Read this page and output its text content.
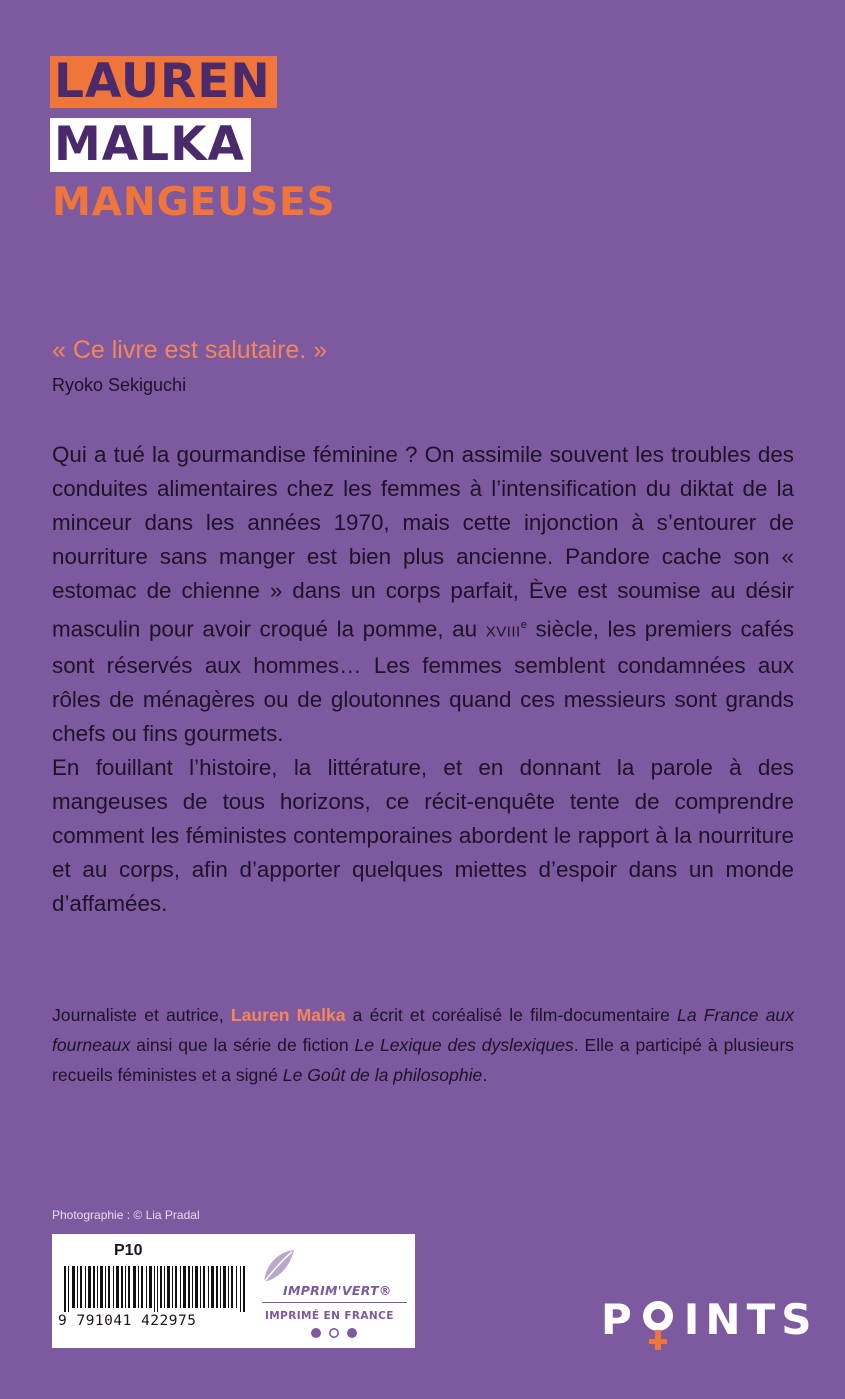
LAUREN
MALKA
MANGEUSES
« Ce livre est salutaire. »
Ryoko Sekiguchi

Qui a tué la gourmandise féminine ? On assimile souvent les troubles des conduites alimentaires chez les femmes à l’intensification du diktat de la minceur dans les années 1970, mais cette injonction à s’entourer de nourriture sans manger est bien plus ancienne. Pandore cache son « estomac de chienne » dans un corps parfait, Ève est soumise au désir masculin pour avoir croqué la pomme, au XVIIIe siècle, les premiers cafés sont réservés aux hommes… Les femmes semblent condamnées aux rôles de ménagères ou de gloutonnes quand ces messieurs sont grands chefs ou fins gourmets.

En fouillant l’histoire, la littérature, et en donnant la parole à des mangeuses de tous horizons, ce récit-enquête tente de comprendre comment les féministes contemporaines abordent le rapport à la nourriture et au corps, afin d’apporter quelques miettes d’espoir dans un monde d’affamées.

Journaliste et autrice, Lauren Malka a écrit et coréalisé le film-documentaire La France aux fourneaux ainsi que la série de fiction Le Lexique des dyslexiques. Elle a participé à plusieurs recueils féministes et a signé Le Goût de la philosophie.
Photographie : © Lia Pradal
P10
9 791041 422975
IMPRIM'VERT®
IMPRIMÉ EN FRANCE	P INTS
